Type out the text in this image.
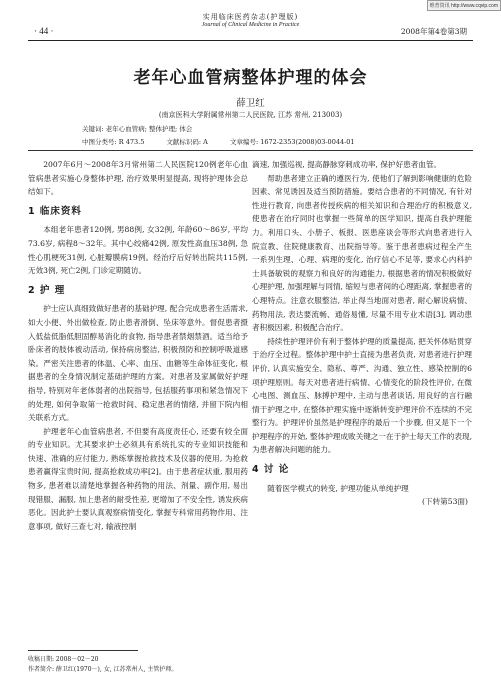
维普资讯 http://www.cqvip.com
· 44 ·
实用临床医药杂志(护理版)
Journal of Clinical Medicine in Practice
2008年第4卷第3期
老年心血管病整体护理的体会
薛卫红
(南京医科大学附属常州第二人民医院, 江苏 常州, 213003)
关键词: 老年心血管病; 整体护理; 体会
中图分类号: R 473.5	文献标识码: A	文章编号: 1672-2353(2008)03-0044-01

2007年6月～2008年3月常州第二人民医院120例老年心血管病患者实施心身整体护理, 治疗效果明显提高, 现将护理体会总结如下。

1 临床资料

本组老年患者120例, 男88例, 女32例, 年龄60～86岁, 平均73.6岁, 病程8～32年。其中心绞痛42例, 原发性高血压38例, 急性心肌梗死31例, 心脏瓣膜病19例。经治疗后好转出院共115例, 无效3例, 死亡2例, 门诊定期随访。

2 护 理

护士应认真细致做好患者的基础护理, 配合完成患者生活需求, 如大小便、外出做检查, 防止患者滑倒、坠床等意外。督促患者摄入低盐低脂低胆固醇易消化的食物, 指导患者禁烟禁酒。适当给予卧床者的肢体被动活动, 保持病房整洁, 积极预防和控制呼吸道感染。严密关注患者的体温、心率、血压、血糖等生命体征变化, 根据患者的全身情况制定基础护理的方案。对患者及家属做好护理指导, 特别对年老体弱者的出院指导, 包括服药事项和紧急情况下的处理, 如何争取第一抢救时间、稳定患者的情绪, 并留下院内相关联系方式。

护理老年心血管病患者, 不但要有高度责任心, 还要有较全面的专业知识。尤其要求护士必须具有系统扎实的专业知识技能和快速、准确的应付能力, 熟练掌握抢救技术及仪器的使用, 为抢救患者赢得宝贵时间, 提高抢救成功率[2]。由于患者症状重, 服用药物多, 患者难以清楚地掌握各种药物的用法、剂量、副作用, 易出现错服、漏服, 加上患者的耐受性差, 更增加了不安全性, 诱发疾病恶化。因此护士要认真观察病情变化, 掌握专科常用药物作用、注意事项, 做好三查七对, 输液控制

滴速, 加强巡视, 提高静脉穿刺成功率, 保护好患者血管。

帮助患者建立正确的遵医行为, 使他们了解到影响健康的危险因素、常见诱因及适当预防措施。要结合患者的不同情况, 有针对性进行教育, 向患者传授疾病的相关知识和合理治疗的积极意义, 使患者在治疗同时也掌握一些简单的医学知识, 提高自我护理能力。利用口头、小册子、板报、医患座谈会等形式向患者进行入院宣教、住院健康教育、出院指导等。鉴于患者患病过程全产生一系列生理、心理、病理的变化, 治疗信心不足等, 要求心内科护士具备敏锐的观察力和良好的沟通能力, 根据患者的情况积极做好心理护理, 加强理解与同情, 缩短与患者间的心理距离, 掌握患者的心理特点。注意衣服整洁, 举止得当地面对患者, 耐心解说病情、药物用法, 表达要流畅、通俗易懂, 尽量不用专业术语[3], 调动患者积极因素, 积极配合治疗。

持续性护理评价有利于整体护理的质量提高, 把关怀体贴贯穿于治疗全过程。整体护理中护士直接为患者负责, 对患者进行护理评价, 认真实施安全、隐私、尊严、沟通、独立性、感染控制的6项护理原则。每天对患者进行病情、心情变化的阶段性评价, 在微心电图、测血压、脉搏护理中, 主动与患者谈话, 用良好的言行融情于护理之中, 在整体护理实施中逐渐转变护理评价不连续的不完整行为。护理评价虽然是护理程序的最后一个步骤, 但又是下一个护理程序的开始, 整体护理成败关键之一在于护士每天工作的表现, 为患者解决问题的能力。

4 讨 论

随着医学模式的转变, 护理功能从单纯护理

(下转第53面)

收稿日期: 2008－02－20
作者简介: 薛卫红(1970－), 女, 江苏常州人, 主管护师。
